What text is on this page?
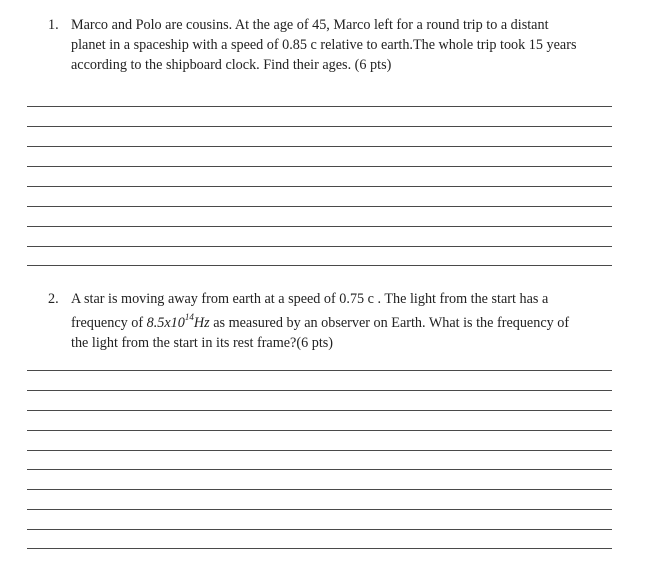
1. Marco and Polo are cousins. At the age of 45, Marco left for a round trip to a distant
planet in a spaceship with a speed of 0.85 c relative to earth.The whole trip took 15 years
according to the shipboard clock. Find their ages. (6 pts)
2. A star is moving away from earth at a speed of 0.75 c . The light from the start has a
frequency of $8.5x10^{14}Hz$ as measured by an observer on Earth. What is the frequency of
the light from the start in its rest frame?(6 pts)
